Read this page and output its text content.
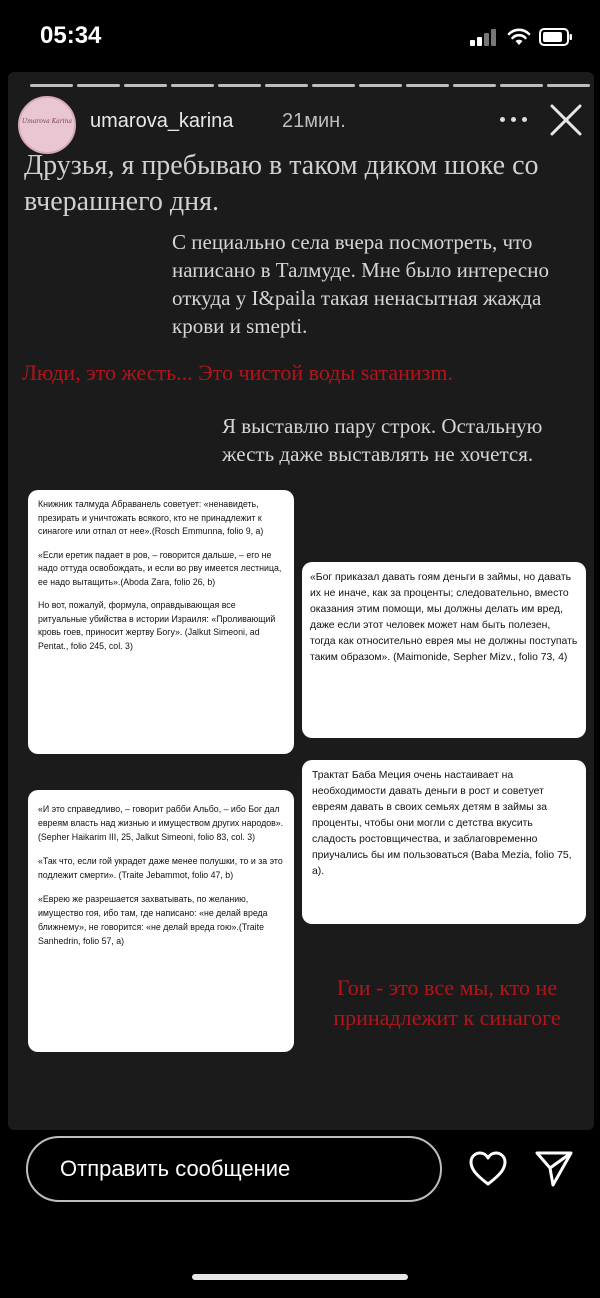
05:34
Umarova Karina umarova_karina 21мин.
Друзья, я пребываю в таком диком шоке со вчерашнего дня.
С пециально села вчера посмотреть, что написано в Талмуде. Мне было интересно откуда у I&paila такая ненасытная жажда крови и smepti.
Люди, это жесть... Это чистой воды sатанизm.
Я выставлю пару строк. Остальную жесть даже выставлять не хочется.

Книжник талмуда Абраванель советует: «ненавидеть, презирать и уничтожать всякого, кто не принадлежит к синагоге или отпал от нее».(Rosch Emmunna, folio 9, a)

«Если еретик падает в ров, – говорится дальше, – его не надо оттуда освобождать, и если во рву имеется лестница, ее надо вытащить».(Aboda Zara, folio 26, b)

Но вот, пожалуй, формула, оправдывающая все ритуальные убийства в истории Израиля: «Проливающий кровь гоев, приносит жертву Богу». (Jalkut Simeoni, ad Pentat., folio 245, col. 3)

«Бог приказал давать гоям деньги в займы, но давать их не иначе, как за проценты; следовательно, вместо оказания этим помощи, мы должны делать им вред, даже если этот человек может нам быть полезен, тогда как относительно еврея мы не должны поступать таким образом». (Maimonide, Sepher Mizv., folio 73, 4)

Трактат Баба Меция очень настаивает на необходимости давать деньги в рост и советует евреям давать в своих семьях детям в займы за проценты, чтобы они могли с детства вкусить сладость ростовщичества, и заблаговременно приучались бы им пользоваться (Baba Mezia, folio 75, a).

«И это справедливо, – говорит рабби Альбо, – ибо Бог дал евреям власть над жизнью и имуществом других народов». (Sepher Haikarim III, 25, Jalkut Simeoni, folio 83, col. 3)

«Так что, если гой украдет даже менее полушки, то и за это подлежит смерти». (Traite Jebammot, folio 47, b)

«Еврею же разрешается захватывать, по желанию, имущество гоя, ибо там, где написано: «не делай вреда ближнему», не говорится: «не делай вреда гою».(Traite Sanhedrin, folio 57, a)

Гои - это все мы, кто не принадлежит к синагоге
Отправить сообщение
